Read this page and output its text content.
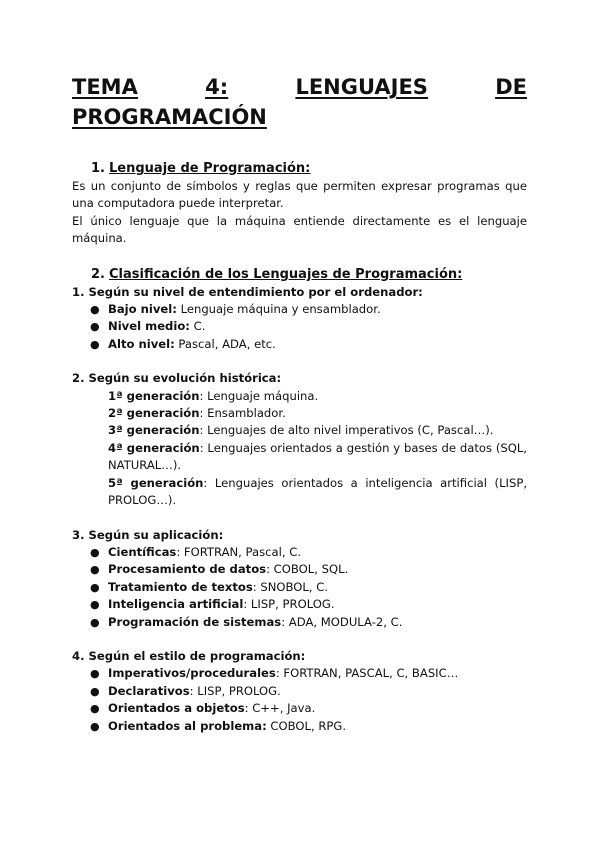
TEMA	4:	LENGUAJES	DE
PROGRAMACIÓN

1. Lenguaje de Programación:

Es un conjunto de símbolos y reglas que permiten expresar programas que una computadora puede interpretar.

El único lenguaje que la máquina entiende directamente es el lenguaje máquina.

2. Clasificación de los Lenguajes de Programación:

1. Según su nivel de entendimiento por el ordenador:

● Bajo nivel: Lenguaje máquina y ensamblador.
● Nivel medio: C.
● Alto nivel: Pascal, ADA, etc.

2. Según su evolución histórica:

1ª generación: Lenguaje máquina.

2ª generación: Ensamblador.

3ª generación: Lenguajes de alto nivel imperativos (C, Pascal…).

4ª generación: Lenguajes orientados a gestión y bases de datos (SQL, NATURAL…).

5ª generación: Lenguajes orientados a inteligencia artificial (LISP, PROLOG…).

3. Según su aplicación:

● Científicas: FORTRAN, Pascal, C.
● Procesamiento de datos: COBOL, SQL.
● Tratamiento de textos: SNOBOL, C.
● Inteligencia artificial: LISP, PROLOG.
● Programación de sistemas: ADA, MODULA-2, C.

4. Según el estilo de programación:

● Imperativos/procedurales: FORTRAN, PASCAL, C, BASIC…
● Declarativos: LISP, PROLOG.
● Orientados a objetos: C++, Java.
● Orientados al problema: COBOL, RPG.
